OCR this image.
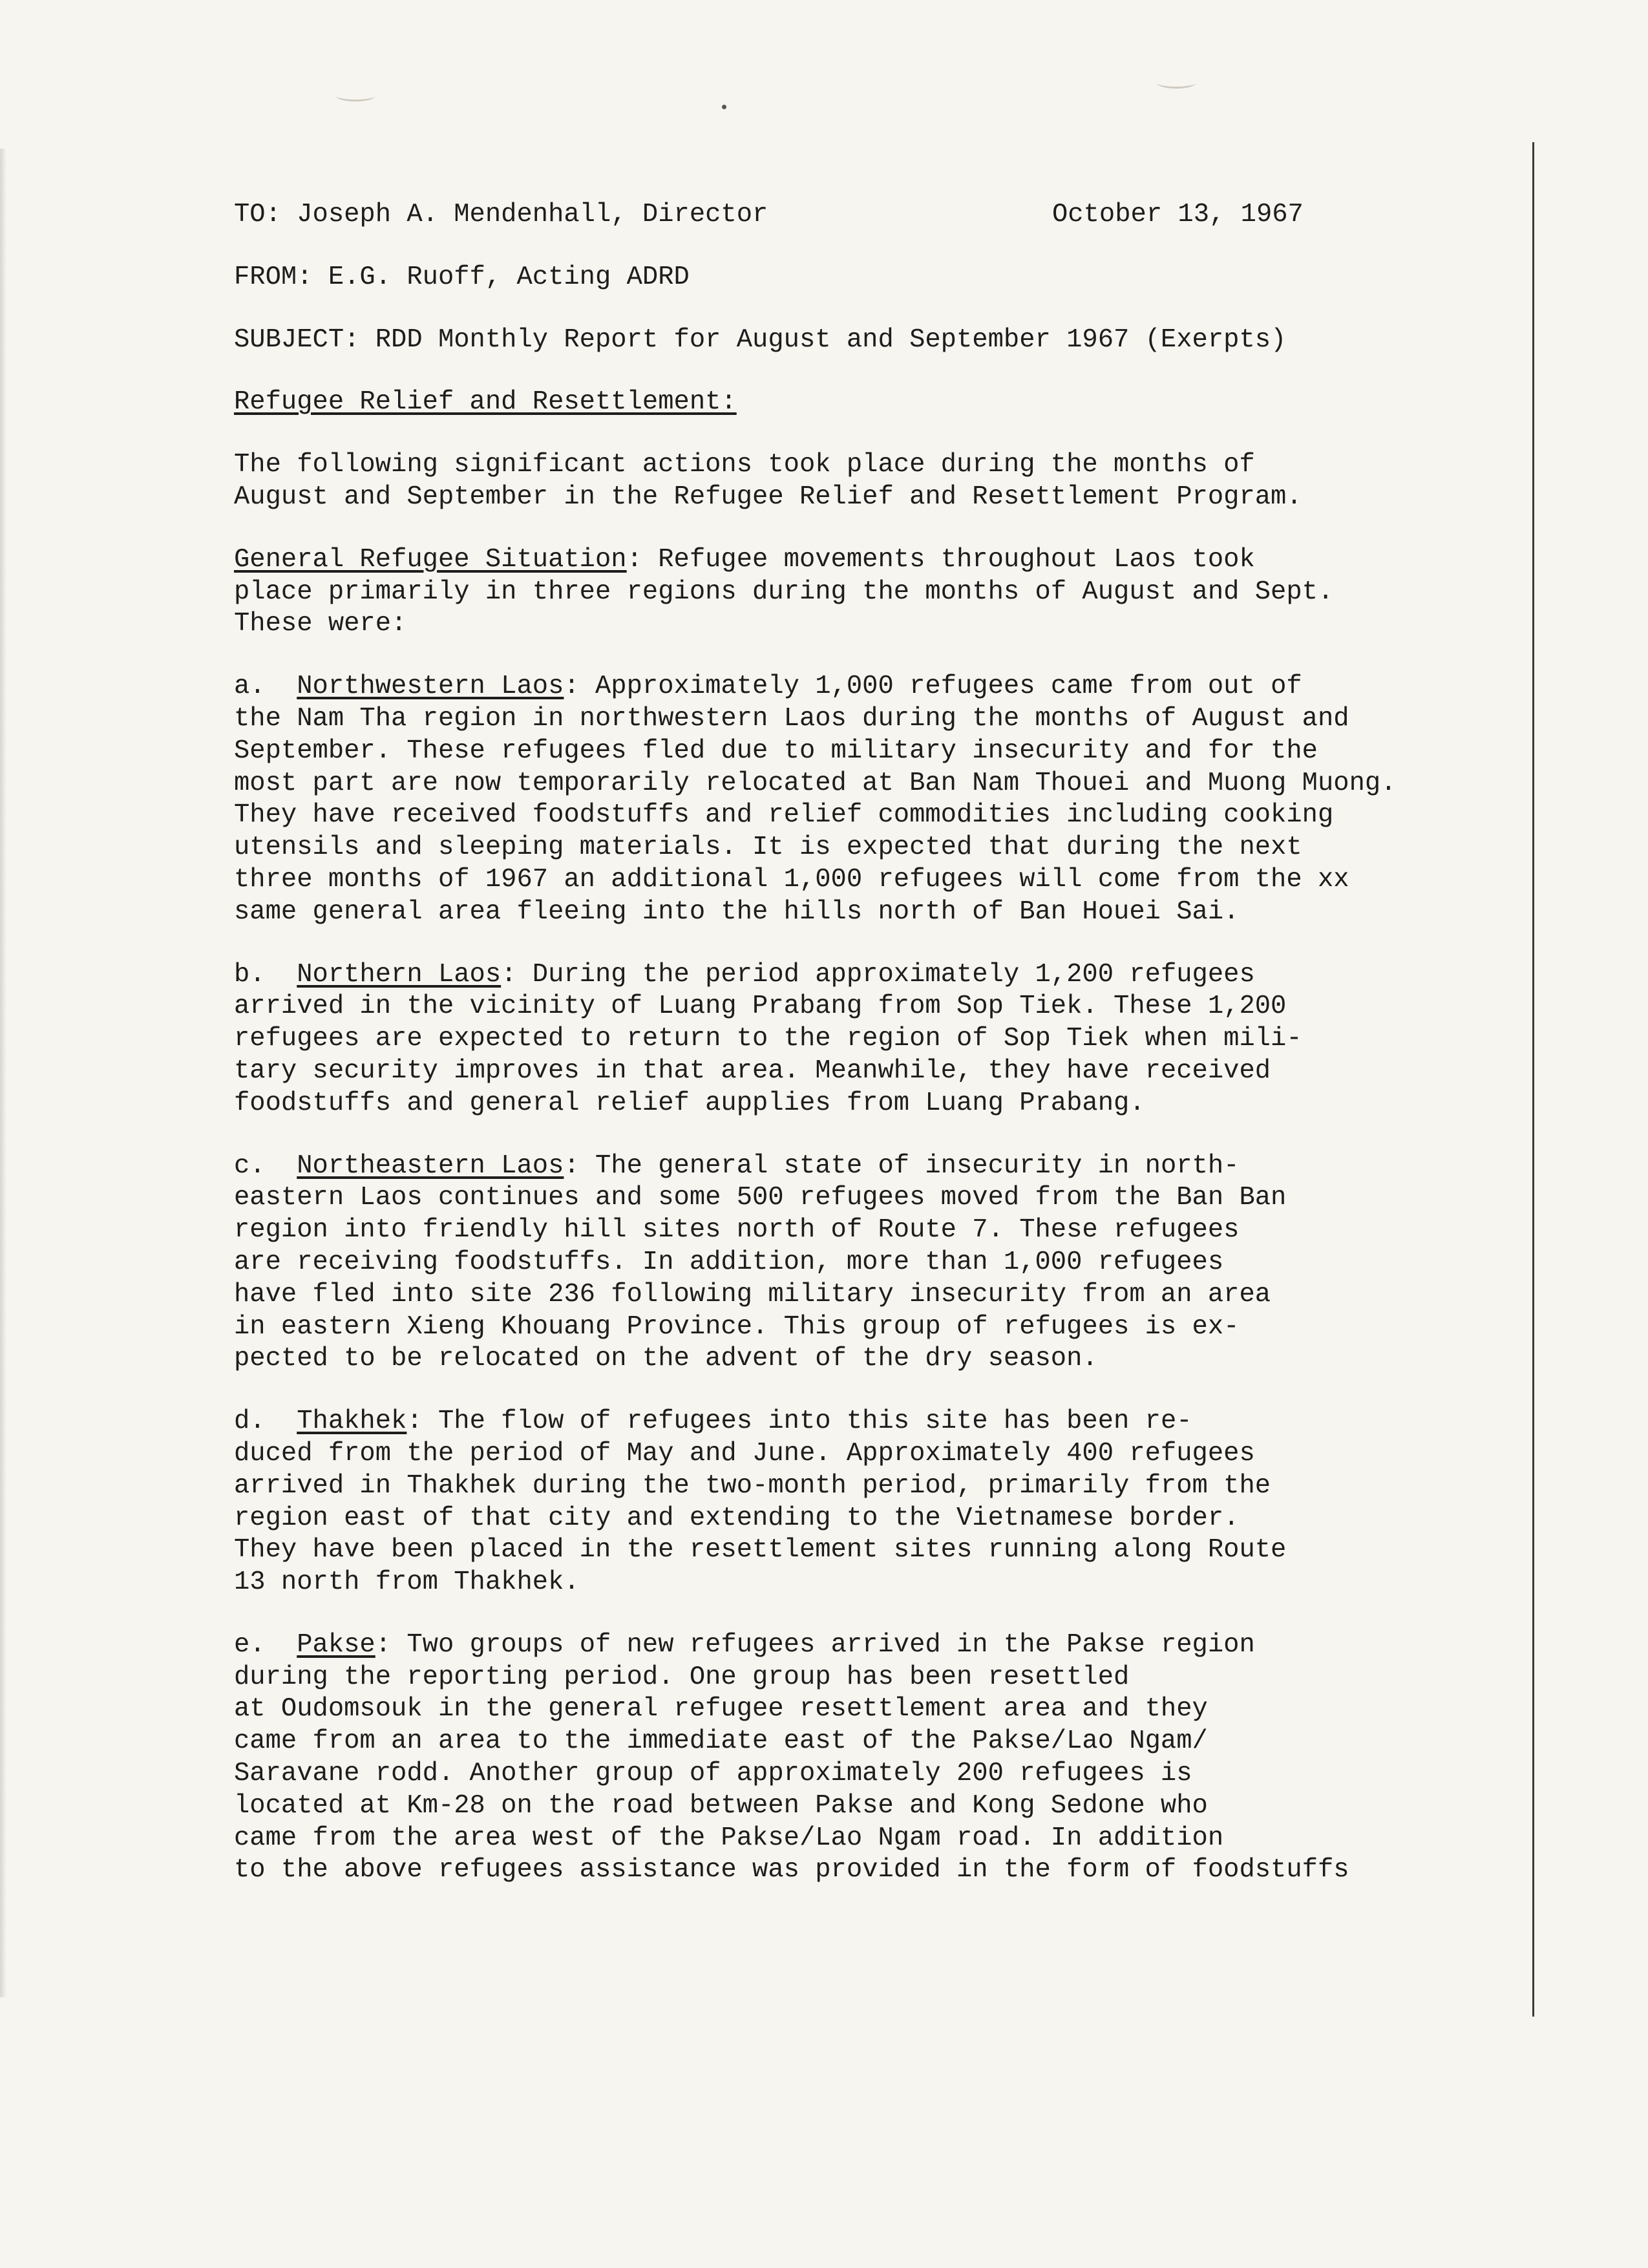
TO: Joseph A. Mendenhall, Director	October 13, 1967
FROM: E.G. Ruoff, Acting ADRD
SUBJECT: RDD Monthly Report for August and September 1967 (Exerpts)
Refugee Relief and Resettlement:
The following significant actions took place during the months of
August and September in the Refugee Relief and Resettlement Program.
General Refugee Situation: Refugee movements throughout Laos took
place primarily in three regions during the months of August and Sept.
These were:
a.  Northwestern Laos: Approximately 1,000 refugees came from out of
the Nam Tha region in northwestern Laos during the months of August and
September. These refugees fled due to military insecurity and for the
most part are now temporarily relocated at Ban Nam Thouei and Muong Muong.
They have received foodstuffs and relief commodities including cooking
utensils and sleeping materials. It is expected that during the next
three months of 1967 an additional 1,000 refugees will come from the xx
same general area fleeing into the hills north of Ban Houei Sai.
b.  Northern Laos: During the period approximately 1,200 refugees
arrived in the vicinity of Luang Prabang from Sop Tiek. These 1,200
refugees are expected to return to the region of Sop Tiek when mili-
tary security improves in that area. Meanwhile, they have received
foodstuffs and general relief aupplies from Luang Prabang.
c.  Northeastern Laos: The general state of insecurity in north-
eastern Laos continues and some 500 refugees moved from the Ban Ban
region into friendly hill sites north of Route 7. These refugees
are receiving foodstuffs. In addition, more than 1,000 refugees
have fled into site 236 following military insecurity from an area
in eastern Xieng Khouang Province. This group of refugees is ex-
pected to be relocated on the advent of the dry season.
d.  Thakhek: The flow of refugees into this site has been re-
duced from the period of May and June. Approximately 400 refugees
arrived in Thakhek during the two-month period, primarily from the
region east of that city and extending to the Vietnamese border.
They have been placed in the resettlement sites running along Route
13 north from Thakhek.
e.  Pakse: Two groups of new refugees arrived in the Pakse region
during the reporting period. One group has been resettled
at Oudomsouk in the general refugee resettlement area and they
came from an area to the immediate east of the Pakse/Lao Ngam/
Saravane rodd. Another group of approximately 200 refugees is
located at Km-28 on the road between Pakse and Kong Sedone who
came from the area west of the Pakse/Lao Ngam road. In addition
to the above refugees assistance was provided in the form of foodstuffs
